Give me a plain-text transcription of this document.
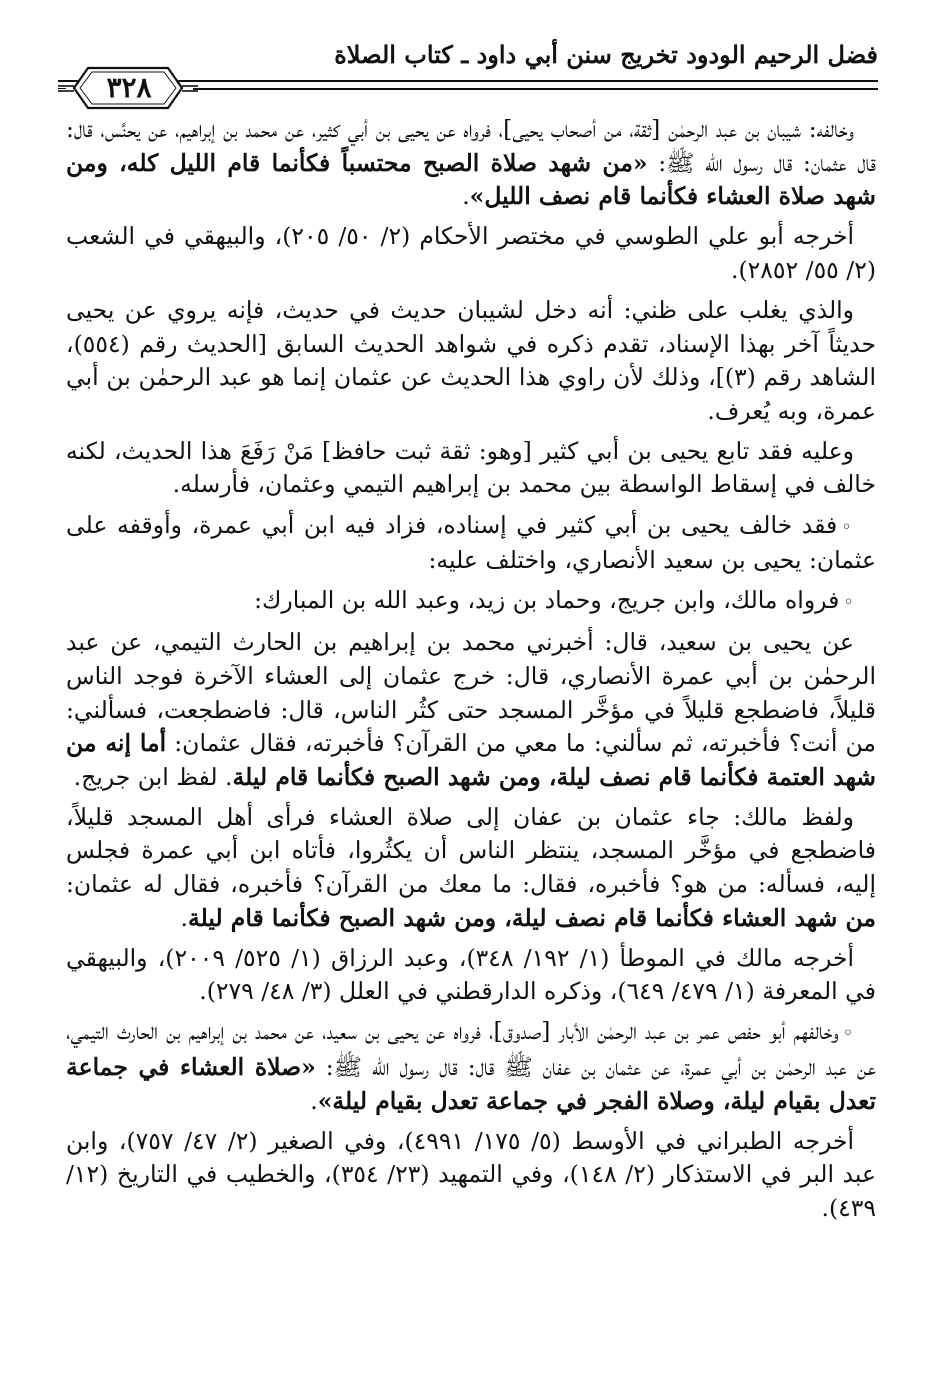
فضل الرحيم الودود تخريج سنن أبي داود ـ كتاب الصلاة
٣٢٨

وخالفه: شيبان بن عبد الرحمٰن [ثقة، من أصحاب يحيى]، فرواه عن يحيى بن أبي كثير، عن محمد بن إبراهيم، عن يحنَّس، قال: قال عثمان: قال رسول الله ﷺ: «من شهد صلاة الصبح محتسباً فكأنما قام الليل كله، ومن شهد صلاة العشاء فكأنما قام نصف الليل».

أخرجه أبو علي الطوسي في مختصر الأحكام (٢/ ٥٠/ ٢٠٥)، والبيهقي في الشعب (٢/ ٥٥/ ٢٨٥٢).

والذي يغلب على ظني: أنه دخل لشيبان حديث في حديث، فإنه يروي عن يحيى حديثاً آخر بهذا الإسناد، تقدم ذكره في شواهد الحديث السابق [الحديث رقم (٥٥٤)، الشاهد رقم (٣)]، وذلك لأن راوي هذا الحديث عن عثمان إنما هو عبد الرحمٰن بن أبي عمرة، وبه يُعرف.

وعليه فقد تابع يحيى بن أبي كثير [وهو: ثقة ثبت حافظ] مَنْ رَفَعَ هذا الحديث، لكنه خالف في إسقاط الواسطة بين محمد بن إبراهيم التيمي وعثمان، فأرسله.

◦فقد خالف يحيى بن أبي كثير في إسناده، فزاد فيه ابن أبي عمرة، وأوقفه على عثمان: يحيى بن سعيد الأنصاري، واختلف عليه:

◦فرواه مالك، وابن جريج، وحماد بن زيد، وعبد الله بن المبارك:

عن يحيى بن سعيد، قال: أخبرني محمد بن إبراهيم بن الحارث التيمي، عن عبد الرحمٰن بن أبي عمرة الأنصاري، قال: خرج عثمان إلى العشاء الآخرة فوجد الناس قليلاً، فاضطجع قليلاً في مؤخَّر المسجد حتى كثُر الناس، قال: فاضطجعت، فسألني: من أنت؟ فأخبرته، ثم سألني: ما معي من القرآن؟ فأخبرته، فقال عثمان: أما إنه من شهد العتمة فكأنما قام نصف ليلة، ومن شهد الصبح فكأنما قام ليلة. لفظ ابن جريج.

ولفظ مالك: جاء عثمان بن عفان إلى صلاة العشاء فرأى أهل المسجد قليلاً، فاضطجع في مؤخَّر المسجد، ينتظر الناس أن يكثُروا، فأتاه ابن أبي عمرة فجلس إليه، فسأله: من هو؟ فأخبره، فقال: ما معك من القرآن؟ فأخبره، فقال له عثمان: من شهد العشاء فكأنما قام نصف ليلة، ومن شهد الصبح فكأنما قام ليلة.

أخرجه مالك في الموطأ (١/ ١٩٢/ ٣٤٨)، وعبد الرزاق (١/ ٥٢٥/ ٢٠٠٩)، والبيهقي في المعرفة (١/ ٤٧٩/ ٦٤٩)، وذكره الدارقطني في العلل (٣/ ٤٨/ ٢٧٩).

◦وخالفهم أبو حفص عمر بن عبد الرحمٰن الأبار [صدوق]، فرواه عن يحيى بن سعيد، عن محمد بن إبراهيم بن الحارث التيمي، عن عبد الرحمٰن بن أبي عمرة، عن عثمان بن عفان ﷺ قال: قال رسول الله ﷺ: «صلاة العشاء في جماعة تعدل بقيام ليلة، وصلاة الفجر في جماعة تعدل بقيام ليلة».

أخرجه الطبراني في الأوسط (٥/ ١٧٥/ ٤٩٩١)، وفي الصغير (٢/ ٤٧/ ٧٥٧)، وابن عبد البر في الاستذكار (٢/ ١٤٨)، وفي التمهيد (٢٣/ ٣٥٤)، والخطيب في التاريخ (١٢/ ٤٣٩).
